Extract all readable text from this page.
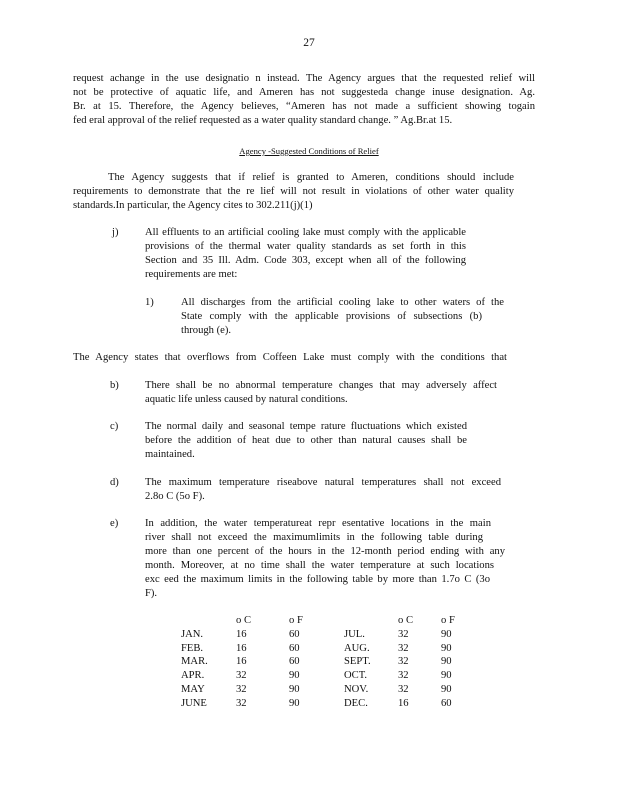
27
request achange in the use designatio n instead. The Agency argues that the requested relief will
not be protective of aquatic life, and Ameren has not suggesteda change inuse designation. Ag.
Br. at 15. Therefore, the Agency believes, “Ameren has not made a sufficient showing togain
fed eral approval of the relief requested as a water quality standard change. ” Ag.Br.at 15.
Agency -Suggested Conditions of Relief
The Agency suggests that if relief is granted to Ameren, conditions should include
requirements to demonstrate that the re lief will not result in violations of other water quality
standards.In particular, the Agency cites to 302.211(j)(1)
j)	All effluents to an artificial cooling lake must comply with the applicable
provisions of the thermal water quality standards as set forth in this
Section and 35 Ill. Adm. Code 303, except when all of the following
requirements are met:
1)	All discharges from the artificial cooling lake to other waters of the
State comply with the applicable provisions of subsections (b)
through (e).
The Agency states that overflows from Coffeen Lake must comply with the conditions that
b)	There shall be no abnormal temperature changes that may adversely affect
aquatic life unless caused by natural conditions.
c)	The normal daily and seasonal tempe rature fluctuations which existed
before the addition of heat due to other than natural causes shall be
maintained.
d)	The maximum temperature riseabove natural temperatures shall not exceed
2.8o C (5o F).
e)	In addition, the water temperatureat repr esentative locations in the main
river shall not exceed the maximumlimits in the following table during
more than one percent of the hours in the 12-month period ending with any
month. Moreover, at no time shall the water temperature at such locations
exc eed the maximum limits in the following table by more than 1.7o C (3o
F).
	o C	o F		o C	o F
JAN.	16	60	JUL.	32	90
FEB.	16	60	AUG.	32	90
MAR.	16	60	SEPT.	32	90
APR.	32	90	OCT.	32	90
MAY	32	90	NOV.	32	90
JUNE	32	90	DEC.	16	60
